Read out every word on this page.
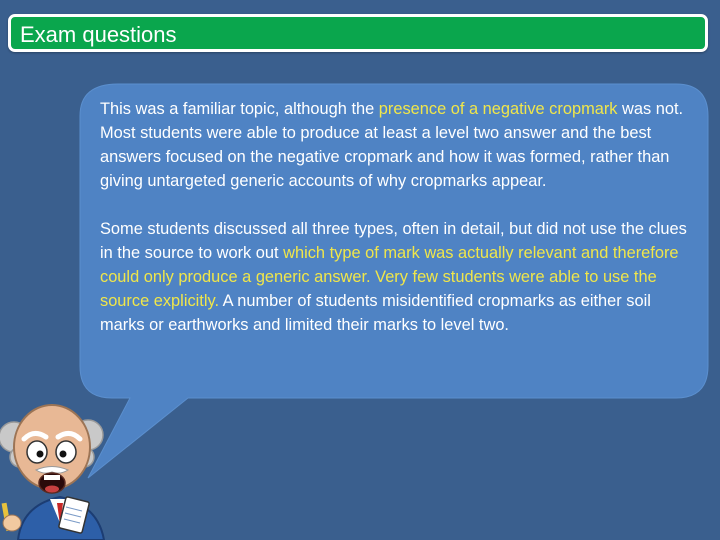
Exam questions

This was a familiar topic, although the presence of a negative cropmark was not. Most students were able to produce at least a level two answer and the best answers focused on the negative cropmark and how it was formed, rather than giving untargeted generic accounts of why cropmarks appear.

Some students discussed all three types, often in detail, but did not use the clues in the source to work out which type of mark was actually relevant and therefore could only produce a generic answer. Very few students were able to use the source explicitly. A number of students misidentified cropmarks as either soil marks or earthworks and limited their marks to level two.
